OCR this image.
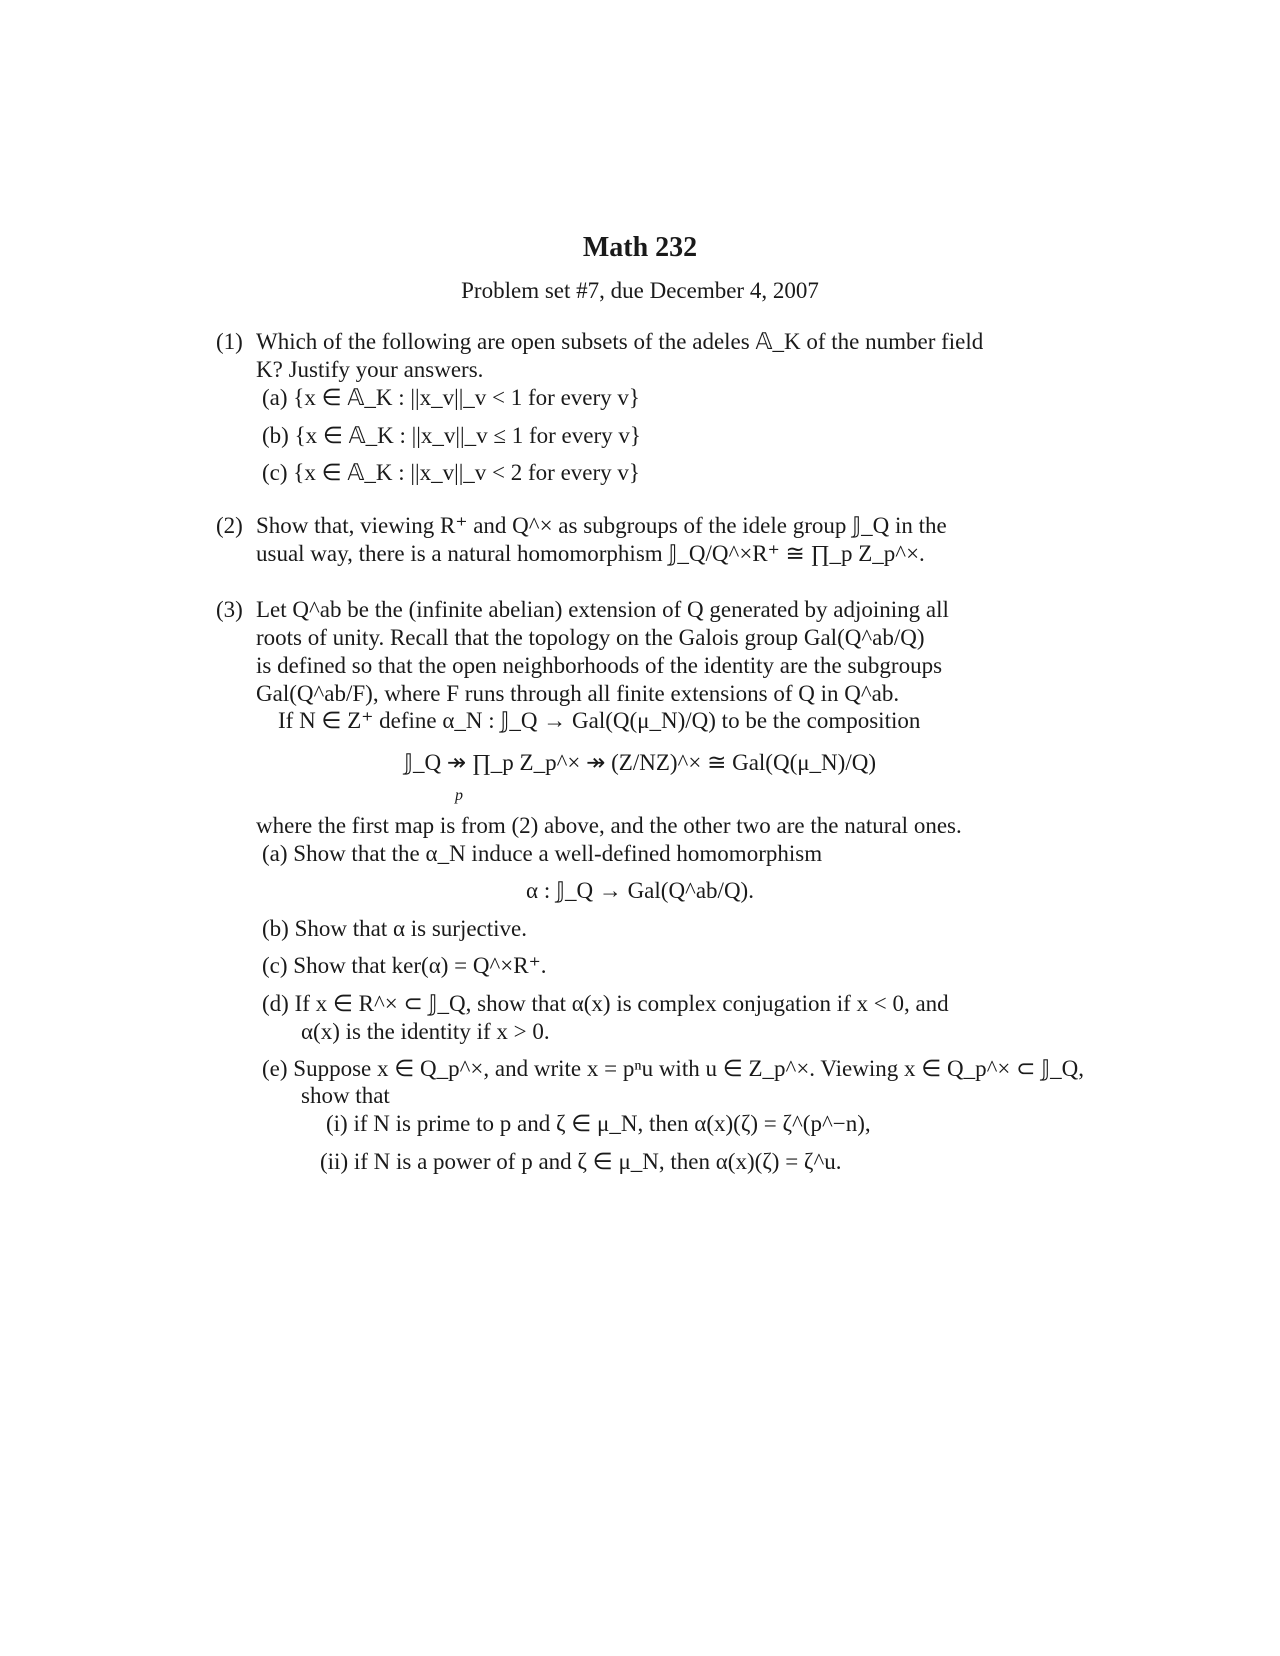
Math 232
Problem set #7, due December 4, 2007
(1) Which of the following are open subsets of the adeles 𝔸_K of the number field
K? Justify your answers.
(a) {x ∈ 𝔸_K : ||x_v||_v < 1 for every v}
(b) {x ∈ 𝔸_K : ||x_v||_v ≤ 1 for every v}
(c) {x ∈ 𝔸_K : ||x_v||_v < 2 for every v}
(2) Show that, viewing R⁺ and Q^× as subgroups of the idele group 𝕁_Q in the
usual way, there is a natural homomorphism 𝕁_Q/Q^×R⁺ ≅ ∏_p Z_p^×.
(3) Let Q^ab be the (infinite abelian) extension of Q generated by adjoining all
roots of unity. Recall that the topology on the Galois group Gal(Q^ab/Q)
is defined so that the open neighborhoods of the identity are the subgroups
Gal(Q^ab/F), where F runs through all finite extensions of Q in Q^ab.
If N ∈ Z⁺ define α_N : 𝕁_Q → Gal(Q(μ_N)/Q) to be the composition
𝕁_Q ↠ ∏_p Z_p^× ↠ (Z/NZ)^× ≅ Gal(Q(μ_N)/Q)
p
where the first map is from (2) above, and the other two are the natural ones.
(a) Show that the α_N induce a well-defined homomorphism
α : 𝕁_Q → Gal(Q^ab/Q).
(b) Show that α is surjective.
(c) Show that ker(α) = Q^×R⁺.
(d) If x ∈ R^× ⊂ 𝕁_Q, show that α(x) is complex conjugation if x < 0, and
α(x) is the identity if x > 0.
(e) Suppose x ∈ Q_p^×, and write x = pⁿu with u ∈ Z_p^×. Viewing x ∈ Q_p^× ⊂ 𝕁_Q,
show that
(i) if N is prime to p and ζ ∈ μ_N, then α(x)(ζ) = ζ^(p^−n),
(ii) if N is a power of p and ζ ∈ μ_N, then α(x)(ζ) = ζ^u.
